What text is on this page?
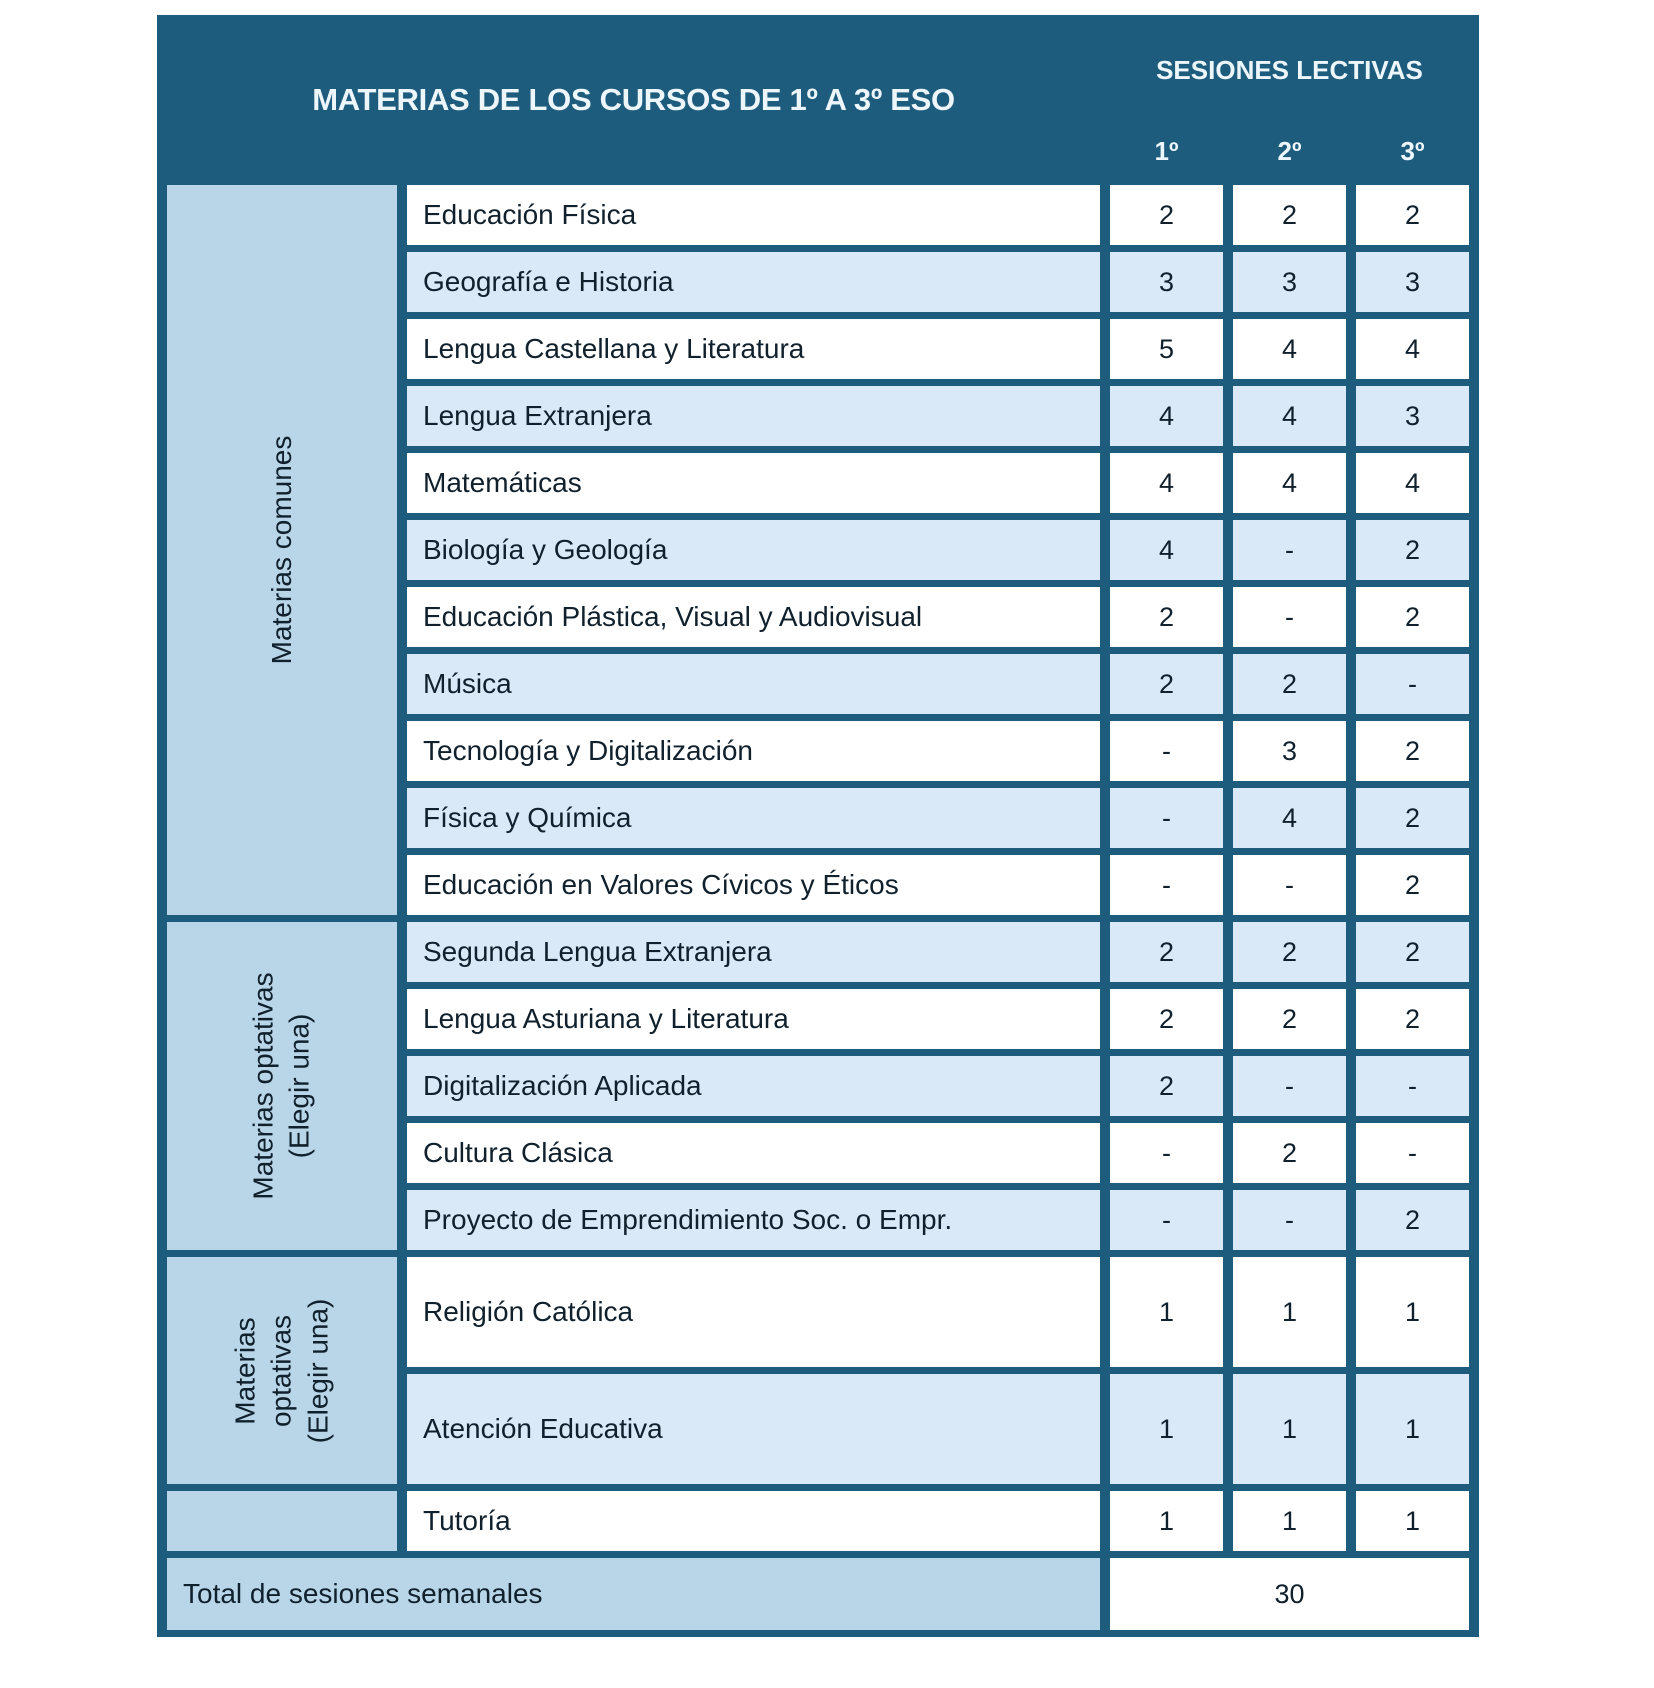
MATERIAS DE LOS CURSOS DE 1º A 3º ESO		SESIONES LECTIVAS		
		1º	2º	3º

Materias comunes	Educación Física	2	2	2
	Geografía e Historia	3	3	3
	Lengua Castellana y Literatura	5	4	4
	Lengua Extranjera	4	4	3
	Matemáticas	4	4	4
	Biología y Geología	4	-	2
	Educación Plástica, Visual y Audiovisual	2	-	2
	Música	2	2	-
	Tecnología y Digitalización	-	3	2
	Física y Química	-	4	2
	Educación en Valores Cívicos y Éticos	-	-	2

Materias optativas (Elegir una)	Segunda Lengua Extranjera	2	2	2
	Lengua Asturiana y Literatura	2	2	2
	Digitalización Aplicada	2	-	-
	Cultura Clásica	-	2	-
	Proyecto de Emprendimiento Soc. o Empr.	-	-	2

Materias optativas (Elegir una)	Religión Católica	1	1	1
	Atención Educativa	1	1	1
	Tutoría	1	1	1
Total de sesiones semanales		30		
